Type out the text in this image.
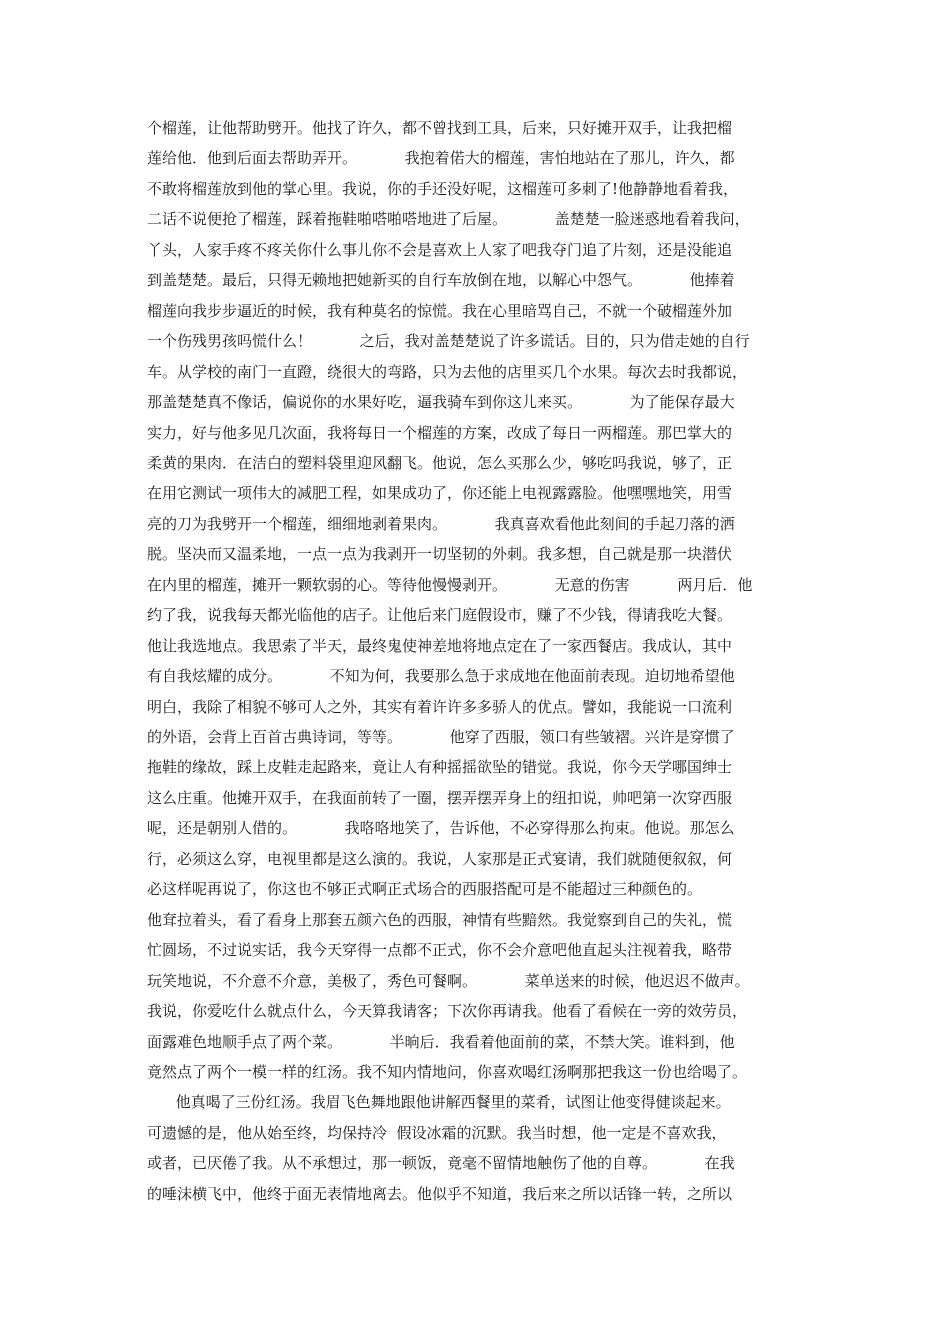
个榴莲，让他帮助劈开。他找了许久，都不曾找到工具，后来，只好摊开双手，让我把榴
莲给他．他到后面去帮助弄开。          我抱着偌大的榴莲，害怕地站在了那儿，许久，都
不敢将榴莲放到他的掌心里。我说，你的手还没好呢，这榴莲可多刺了!他静静地看着我，
二话不说便抢了榴莲，踩着拖鞋啪嗒啪嗒地进了后屋。          盖楚楚一脸迷惑地看着我问，
丫头，人家手疼不疼关你什么事儿你不会是喜欢上人家了吧我夺门追了片刻，还是没能追
到盖楚楚。最后，只得无赖地把她新买的自行车放倒在地，以解心中怨气。          他捧着
榴莲向我步步逼近的时候，我有种莫名的惊慌。我在心里暗骂自己，不就一个破榴莲外加
一个伤残男孩吗慌什么！          之后，我对盖楚楚说了许多谎话。目的，只为借走她的自行
车。从学校的南门一直蹬，绕很大的弯路，只为去他的店里买几个水果。每次去时我都说，
那盖楚楚真不像话，偏说你的水果好吃，逼我骑车到你这儿来买。          为了能保存最大
实力，好与他多见几次面，我将每日一个榴莲的方案，改成了每日一两榴莲。那巴掌大的
柔黄的果肉．在洁白的塑料袋里迎风翻飞。他说，怎么买那么少，够吃吗我说，够了，正
在用它测试一项伟大的减肥工程，如果成功了，你还能上电视露露脸。他嘿嘿地笑，用雪
亮的刀为我劈开一个榴莲，细细地剥着果肉。          我真喜欢看他此刻间的手起刀落的洒
脱。坚决而又温柔地，一点一点为我剥开一切坚韧的外刺。我多想，自己就是那一块潜伏
在内里的榴莲，摊开一颗软弱的心。等待他慢慢剥开。          无意的伤害          两月后．他
约了我，说我每天都光临他的店子。让他后来门庭假设市，赚了不少钱，得请我吃大餐。
他让我选地点。我思索了半天，最终鬼使神差地将地点定在了一家西餐店。我成认，其中
有自我炫耀的成分。          不知为何，我要那么急于求成地在他面前表现。迫切地希望他
明白，我除了相貌不够可人之外，其实有着许许多多骄人的优点。譬如，我能说一口流利
的外语，会背上百首古典诗词，等等。          他穿了西服，领口有些皱褶。兴许是穿惯了
拖鞋的缘故，踩上皮鞋走起路来，竟让人有种摇摇欲坠的错觉。我说，你今天学哪国绅士
这么庄重。他摊开双手，在我面前转了一圈，摆弄摆弄身上的纽扣说，帅吧第一次穿西服
呢，还是朝别人借的。          我咯咯地笑了，告诉他，不必穿得那么拘束。他说。那怎么
行，必须这么穿，电视里都是这么演的。我说，人家那是正式宴请，我们就随便叙叙，何
必这样呢再说了，你这也不够正式啊正式场合的西服搭配可是不能超过三种颜色的。
他耷拉着头，看了看身上那套五颜六色的西服，神情有些黯然。我觉察到自己的失礼，慌
忙圆场，不过说实话，我今天穿得一点都不正式，你不会介意吧他直起头注视着我，略带
玩笑地说，不介意不介意，美极了，秀色可餐啊。          菜单送来的时候，他迟迟不做声。
我说，你爱吃什么就点什么，今天算我请客；下次你再请我。他看了看候在一旁的效劳员，
面露难色地顺手点了两个菜。          半晌后．我看着他面前的菜，不禁大笑。谁料到，他
竟然点了两个一模一样的红汤。我不知内情地问，你喜欢喝红汤啊那把我这一份也给喝了。
他真喝了三份红汤。我眉飞色舞地跟他讲解西餐里的菜肴，试图让他变得健谈起来。
可遗憾的是，他从始至终，均保持冷  假设冰霜的沉默。我当时想，他一定是不喜欢我，
或者，已厌倦了我。从不承想过，那一顿饭，竟毫不留情地触伤了他的自尊。          在我
的唾沫横飞中，他终于面无表情地离去。他似乎不知道，我后来之所以话锋一转，之所以
